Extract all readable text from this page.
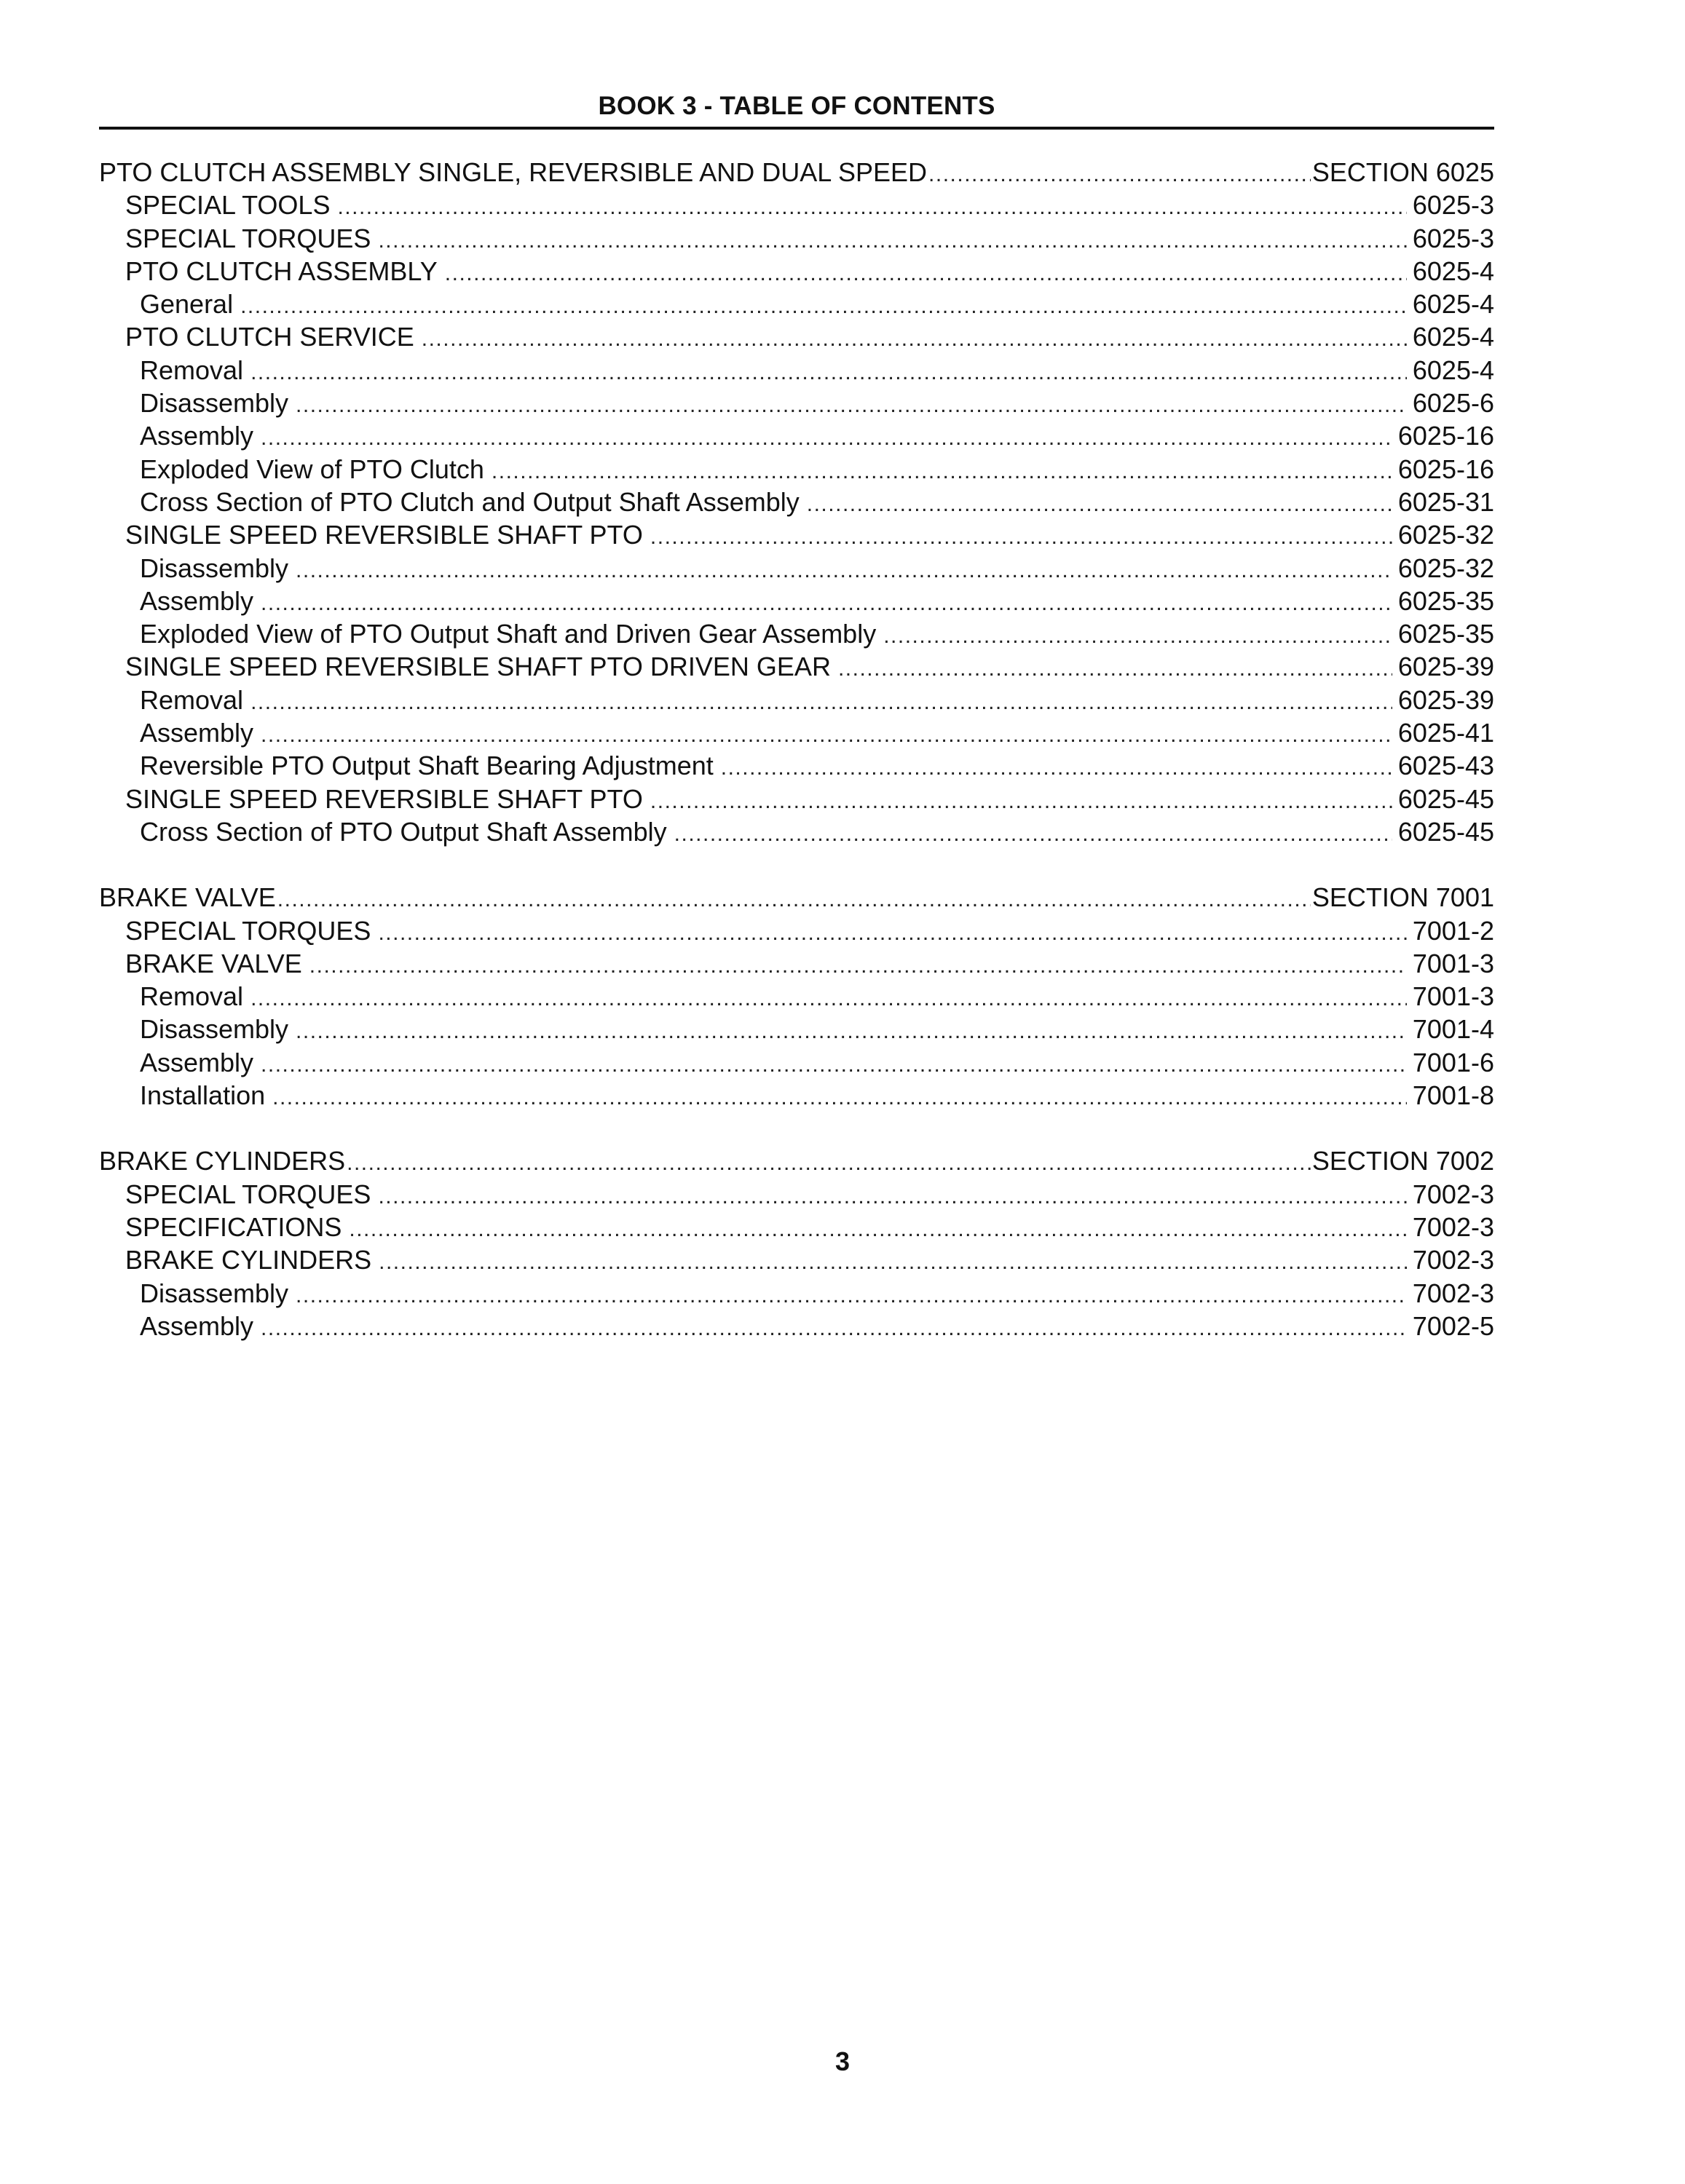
BOOK 3 - TABLE OF CONTENTS
PTO CLUTCH ASSEMBLY SINGLE, REVERSIBLE AND DUAL SPEED .....	SECTION 6025
SPECIAL TOOLS .....	6025-3
SPECIAL TORQUES .....	6025-3
PTO CLUTCH ASSEMBLY .....	6025-4
General .....	6025-4
PTO CLUTCH SERVICE .....	6025-4
Removal .....	6025-4
Disassembly .....	6025-6
Assembly .....	6025-16
Exploded View of PTO Clutch .....	6025-16
Cross Section of PTO Clutch and Output Shaft Assembly .....	6025-31
SINGLE SPEED REVERSIBLE SHAFT PTO .....	6025-32
Disassembly .....	6025-32
Assembly .....	6025-35
Exploded View of PTO Output Shaft and Driven Gear Assembly .....	6025-35
SINGLE SPEED REVERSIBLE SHAFT PTO DRIVEN GEAR .....	6025-39
Removal .....	6025-39
Assembly .....	6025-41
Reversible PTO Output Shaft Bearing Adjustment .....	6025-43
SINGLE SPEED REVERSIBLE SHAFT PTO .....	6025-45
Cross Section of PTO Output Shaft Assembly .....	6025-45
BRAKE VALVE .....	SECTION 7001
SPECIAL TORQUES .....	7001-2
BRAKE VALVE .....	7001-3
Removal .....	7001-3
Disassembly .....	7001-4
Assembly .....	7001-6
Installation .....	7001-8
BRAKE CYLINDERS .....	SECTION 7002
SPECIAL TORQUES .....	7002-3
SPECIFICATIONS .....	7002-3
BRAKE CYLINDERS .....	7002-3
Disassembly .....	7002-3
Assembly .....	7002-5
3
